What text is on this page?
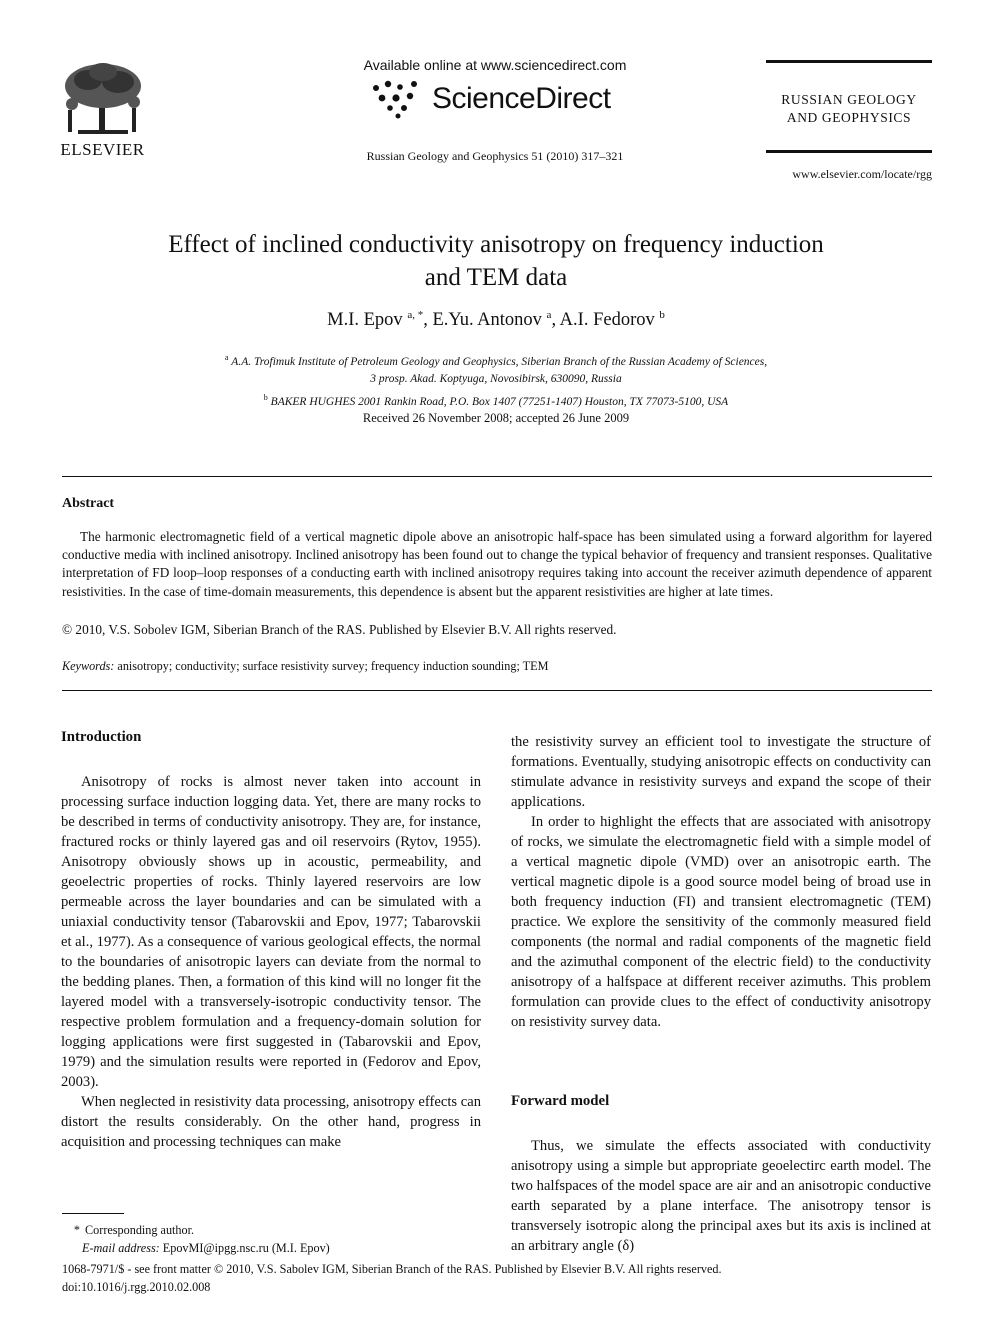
ELSEVIER
Available online at www.sciencedirect.com
ScienceDirect
Russian Geology and Geophysics 51 (2010) 317–321
RUSSIAN GEOLOGY
AND GEOPHYSICS
www.elsevier.com/locate/rgg
Effect of inclined conductivity anisotropy on frequency induction
and TEM data
M.I. Epov $^{a, *}$, E.Yu. Antonov $^a$, A.I. Fedorov $^b$
$^a$ A.A. Trofimuk Institute of Petroleum Geology and Geophysics, Siberian Branch of the Russian Academy of Sciences,
3 prosp. Akad. Koptyuga, Novosibirsk, 630090, Russia
$^b$ BAKER HUGHES 2001 Rankin Road, P.O. Box 1407 (77251-1407) Houston, TX 77073-5100, USA
Received 26 November 2008; accepted 26 June 2009
Abstract

The harmonic electromagnetic field of a vertical magnetic dipole above an anisotropic half-space has been simulated using a forward algorithm for layered conductive media with inclined anisotropy. Inclined anisotropy has been found out to change the typical behavior of frequency and transient responses. Qualitative interpretation of FD loop–loop responses of a conducting earth with inclined anisotropy requires taking into account the receiver azimuth dependence of apparent resistivities. In the case of time-domain measurements, this dependence is absent but the apparent resistivities are higher at late times.

© 2010, V.S. Sobolev IGM, Siberian Branch of the RAS. Published by Elsevier B.V. All rights reserved.
Keywords: anisotropy; conductivity; surface resistivity survey; frequency induction sounding; TEM
Introduction

Anisotropy of rocks is almost never taken into account in processing surface induction logging data. Yet, there are many rocks to be described in terms of conductivity anisotropy. They are, for instance, fractured rocks or thinly layered gas and oil reservoirs (Rytov, 1955). Anisotropy obviously shows up in acoustic, permeability, and geoelectric properties of rocks. Thinly layered reservoirs are low permeable across the layer boundaries and can be simulated with a uniaxial conductivity tensor (Tabarovskii and Epov, 1977; Tabarovskii et al., 1977). As a consequence of various geological effects, the normal to the boundaries of anisotropic layers can deviate from the normal to the bedding planes. Then, a formation of this kind will no longer fit the layered model with a transversely-isotropic conductivity tensor. The respective problem formulation and a frequency-domain solution for logging applications were first suggested in (Tabarovskii and Epov, 1979) and the simulation results were reported in (Fedorov and Epov, 2003).

When neglected in resistivity data processing, anisotropy effects can distort the results considerably. On the other hand, progress in acquisition and processing techniques can make

the resistivity survey an efficient tool to investigate the structure of formations. Eventually, studying anisotropic effects on conductivity can stimulate advance in resistivity surveys and expand the scope of their applications.

In order to highlight the effects that are associated with anisotropy of rocks, we simulate the electromagnetic field with a simple model of a vertical magnetic dipole (VMD) over an anisotropic earth. The vertical magnetic dipole is a good source model being of broad use in both frequency induction (FI) and transient electromagnetic (TEM) practice. We explore the sensitivity of the commonly measured field components (the normal and radial components of the magnetic field and the azimuthal component of the electric field) to the conductivity anisotropy of a halfspace at different receiver azimuths. This problem formulation can provide clues to the effect of conductivity anisotropy on resistivity survey data.

Forward model

Thus, we simulate the effects associated with conductivity anisotropy using a simple but appropriate geoelectirc earth model. The two halfspaces of the model space are air and an anisotropic conductive earth separated by a plane interface. The anisotropy tensor is transversely isotropic along the principal axes but its axis is inclined at an arbitrary angle (δ)

* Corresponding author.
E-mail address: EpovMI@ipgg.nsc.ru (M.I. Epov)
1068-7971/$ - see front matter © 2010, V.S. Sabolev IGM, Siberian Branch of the RAS. Published by Elsevier B.V. All rights reserved.
doi:10.1016/j.rgg.2010.02.008
